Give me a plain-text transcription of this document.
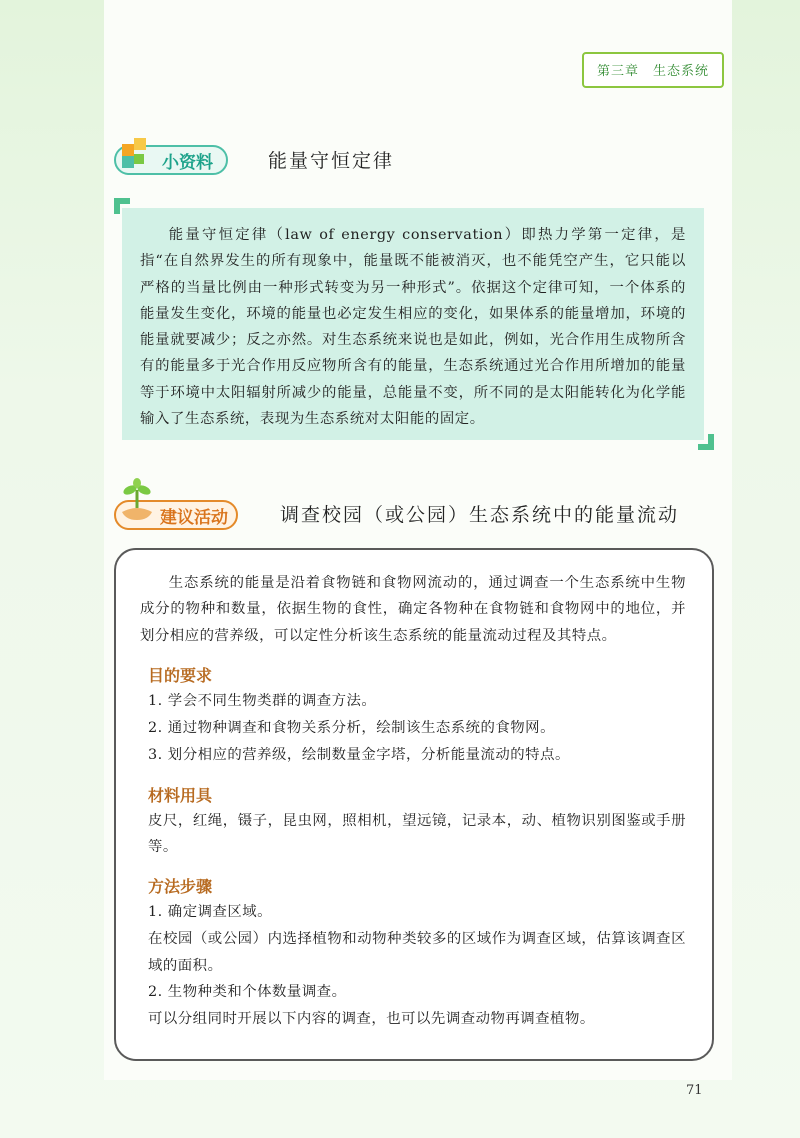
第三章　生态系统
小资料	能量守恒定律

能量守恒定律（law of energy conservation）即热力学第一定律，是指“在自然界发生的所有现象中，能量既不能被消灭，也不能凭空产生，它只能以严格的当量比例由一种形式转变为另一种形式”。依据这个定律可知，一个体系的能量发生变化，环境的能量也必定发生相应的变化，如果体系的能量增加，环境的能量就要减少；反之亦然。对生态系统来说也是如此，例如，光合作用生成物所含有的能量多于光合作用反应物所含有的能量，生态系统通过光合作用所增加的能量等于环境中太阳辐射所减少的能量，总能量不变，所不同的是太阳能转化为化学能输入了生态系统，表现为生态系统对太阳能的固定。

建议活动	调查校园（或公园）生态系统中的能量流动

生态系统的能量是沿着食物链和食物网流动的，通过调查一个生态系统中生物成分的物种和数量，依据生物的食性，确定各物种在食物链和食物网中的地位，并划分相应的营养级，可以定性分析该生态系统的能量流动过程及其特点。

目的要求

1. 学会不同生物类群的调查方法。

2. 通过物种调查和食物关系分析，绘制该生态系统的食物网。

3. 划分相应的营养级，绘制数量金字塔，分析能量流动的特点。

材料用具

皮尺，红绳，镊子，昆虫网，照相机，望远镜，记录本，动、植物识别图鉴或手册等。

方法步骤

1. 确定调查区域。

在校园（或公园）内选择植物和动物种类较多的区域作为调查区域，估算该调查区域的面积。

2. 生物种类和个体数量调查。

可以分组同时开展以下内容的调查，也可以先调查动物再调查植物。

71
